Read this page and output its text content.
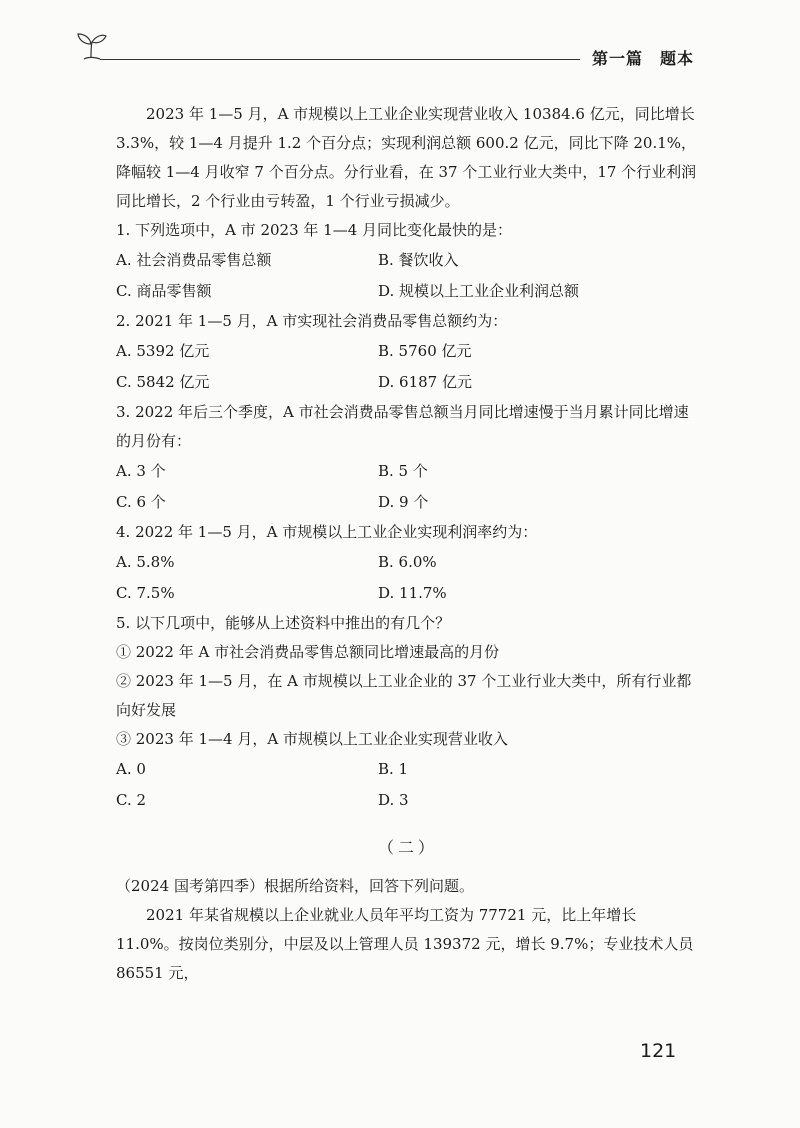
第一篇　题本

2023 年 1—5 月，A 市规模以上工业企业实现营业收入 10384.6 亿元，同比增长 3.3%，较 1—4 月提升 1.2 个百分点；实现利润总额 600.2 亿元，同比下降 20.1%，降幅较 1—4 月收窄 7 个百分点。分行业看，在 37 个工业行业大类中，17 个行业利润同比增长，2 个行业由亏转盈，1 个行业亏损减少。

1. 下列选项中，A 市 2023 年 1—4 月同比变化最快的是：

A. 社会消费品零售总额	B. 餐饮收入
C. 商品零售额	D. 规模以上工业企业利润总额

2. 2021 年 1—5 月，A 市实现社会消费品零售总额约为：

A. 5392 亿元	B. 5760 亿元
C. 5842 亿元	D. 6187 亿元

3. 2022 年后三个季度，A 市社会消费品零售总额当月同比增速慢于当月累计同比增速的月份有：

A. 3 个	B. 5 个
C. 6 个	D. 9 个

4. 2022 年 1—5 月，A 市规模以上工业企业实现利润率约为：

A. 5.8%	B. 6.0%
C. 7.5%	D. 11.7%

5. 以下几项中，能够从上述资料中推出的有几个？

① 2022 年 A 市社会消费品零售总额同比增速最高的月份

② 2023 年 1—5 月，在 A 市规模以上工业企业的 37 个工业行业大类中，所有行业都向好发展

③ 2023 年 1—4 月，A 市规模以上工业企业实现营业收入

A. 0	B. 1
C. 2	D. 3
（二）

（2024 国考第四季）根据所给资料，回答下列问题。

2021 年某省规模以上企业就业人员年平均工资为 77721 元，比上年增长 11.0%。按岗位类别分，中层及以上管理人员 139372 元，增长 9.7%；专业技术人员 86551 元，

121
